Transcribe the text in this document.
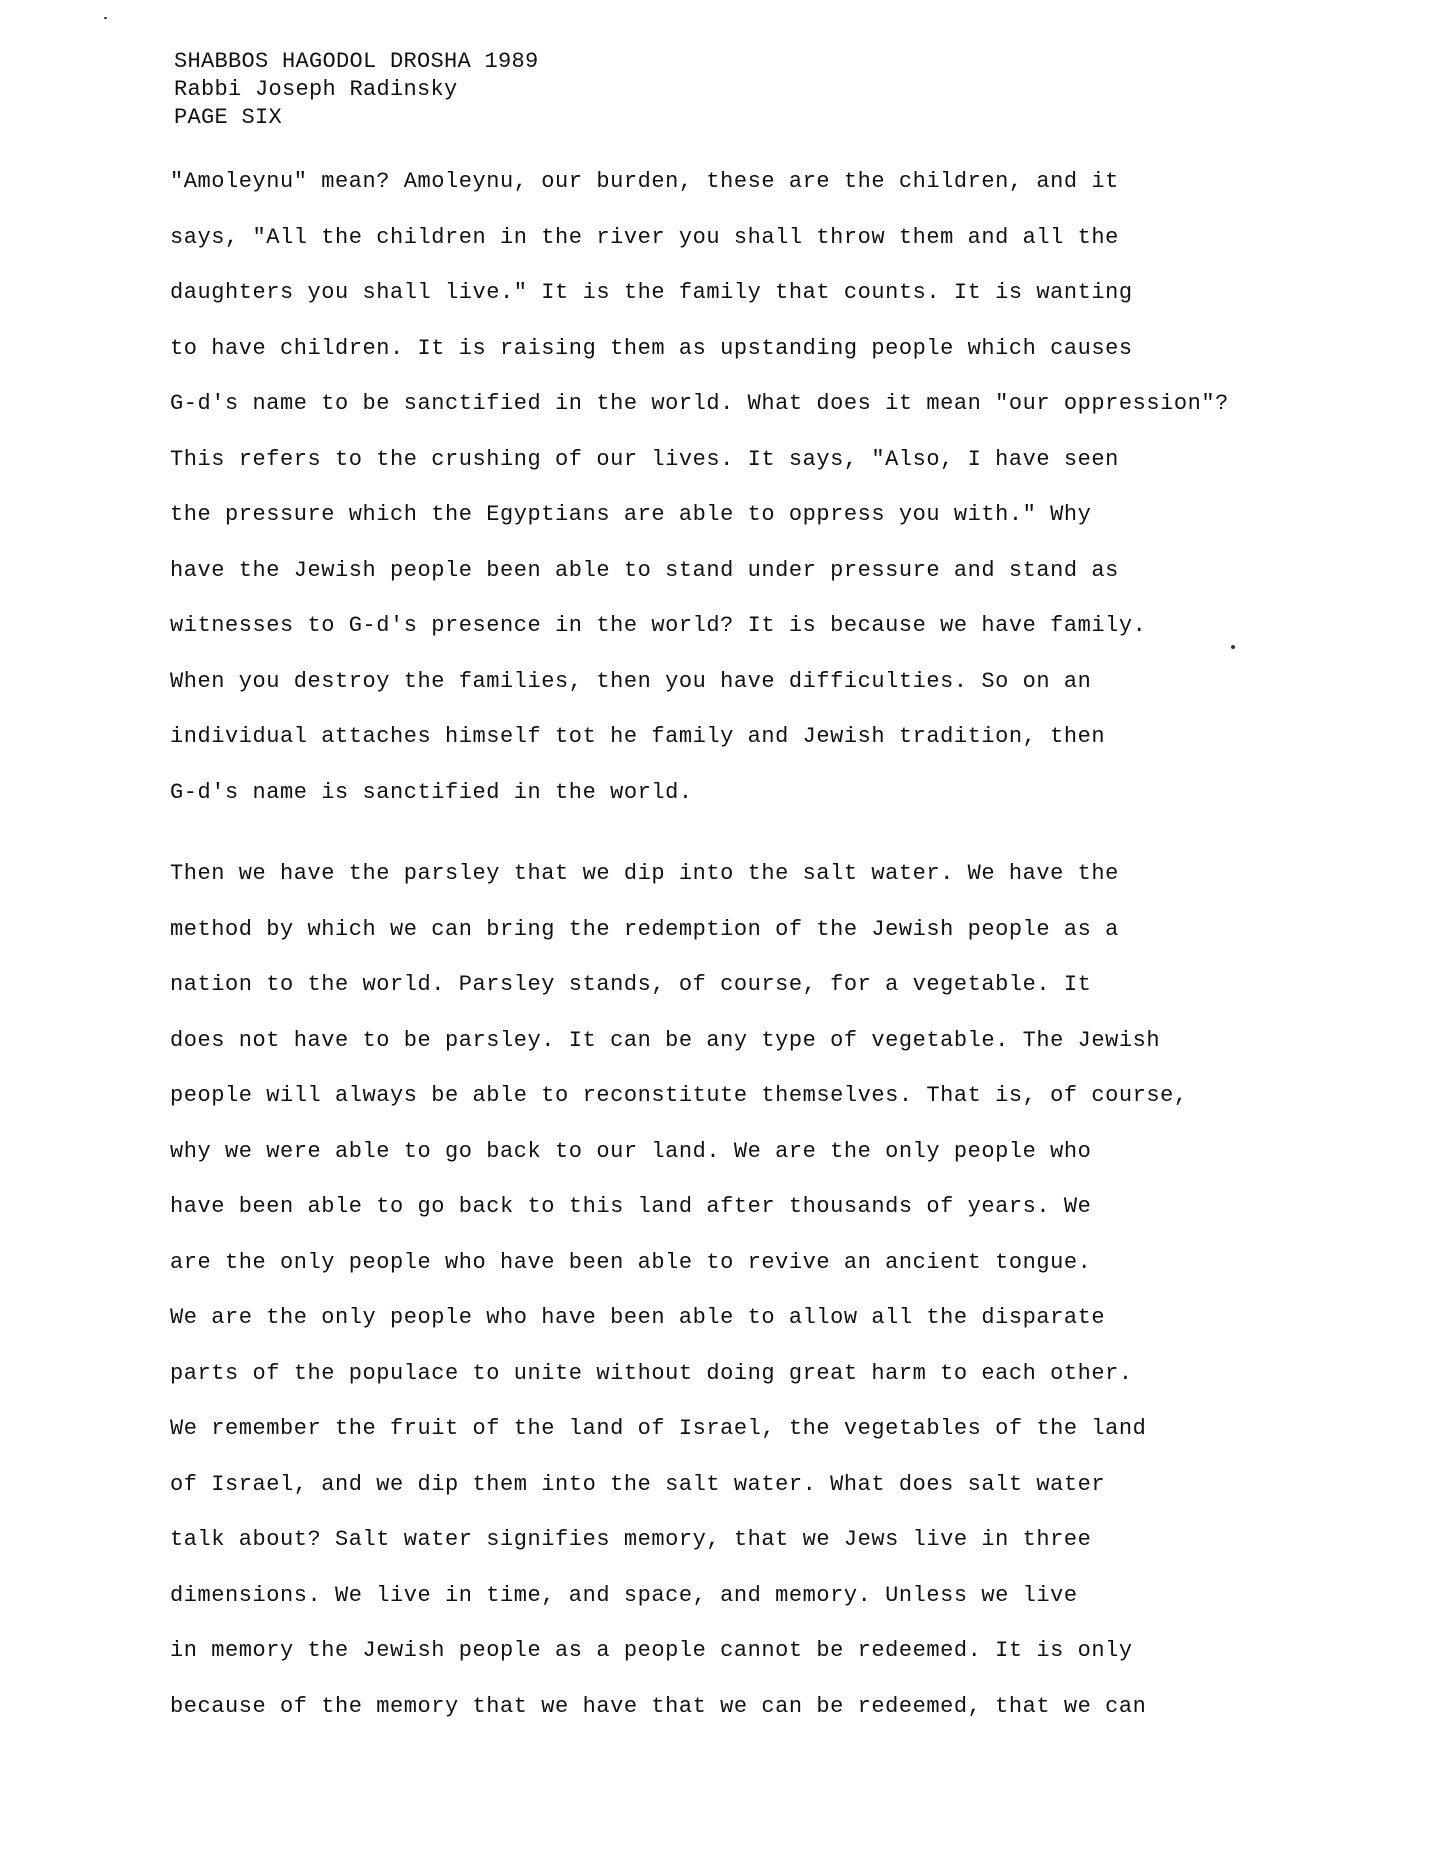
SHABBOS HAGODOL DROSHA 1989
Rabbi Joseph Radinsky
PAGE SIX
"Amoleynu" mean? Amoleynu, our burden, these are the children, and it
says, "All the children in the river you shall throw them and all the
daughters you shall live." It is the family that counts. It is wanting
to have children. It is raising them as upstanding people which causes
G-d's name to be sanctified in the world. What does it mean "our oppression"?
This refers to the crushing of our lives. It says, "Also, I have seen
the pressure which the Egyptians are able to oppress you with." Why
have the Jewish people been able to stand under pressure and stand as
witnesses to G-d's presence in the world? It is because we have family.
When you destroy the families, then you have difficulties. So on an
individual attaches himself tot he family and Jewish tradition, then
G-d's name is sanctified in the world.
Then we have the parsley that we dip into the salt water. We have the
method by which we can bring the redemption of the Jewish people as a
nation to the world. Parsley stands, of course, for a vegetable. It
does not have to be parsley. It can be any type of vegetable. The Jewish
people will always be able to reconstitute themselves. That is, of course,
why we were able to go back to our land. We are the only people who
have been able to go back to this land after thousands of years. We
are the only people who have been able to revive an ancient tongue.
We are the only people who have been able to allow all the disparate
parts of the populace to unite without doing great harm to each other.
We remember the fruit of the land of Israel, the vegetables of the land
of Israel, and we dip them into the salt water. What does salt water
talk about? Salt water signifies memory, that we Jews live in three
dimensions. We live in time, and space, and memory. Unless we live
in memory the Jewish people as a people cannot be redeemed. It is only
because of the memory that we have that we can be redeemed, that we can
